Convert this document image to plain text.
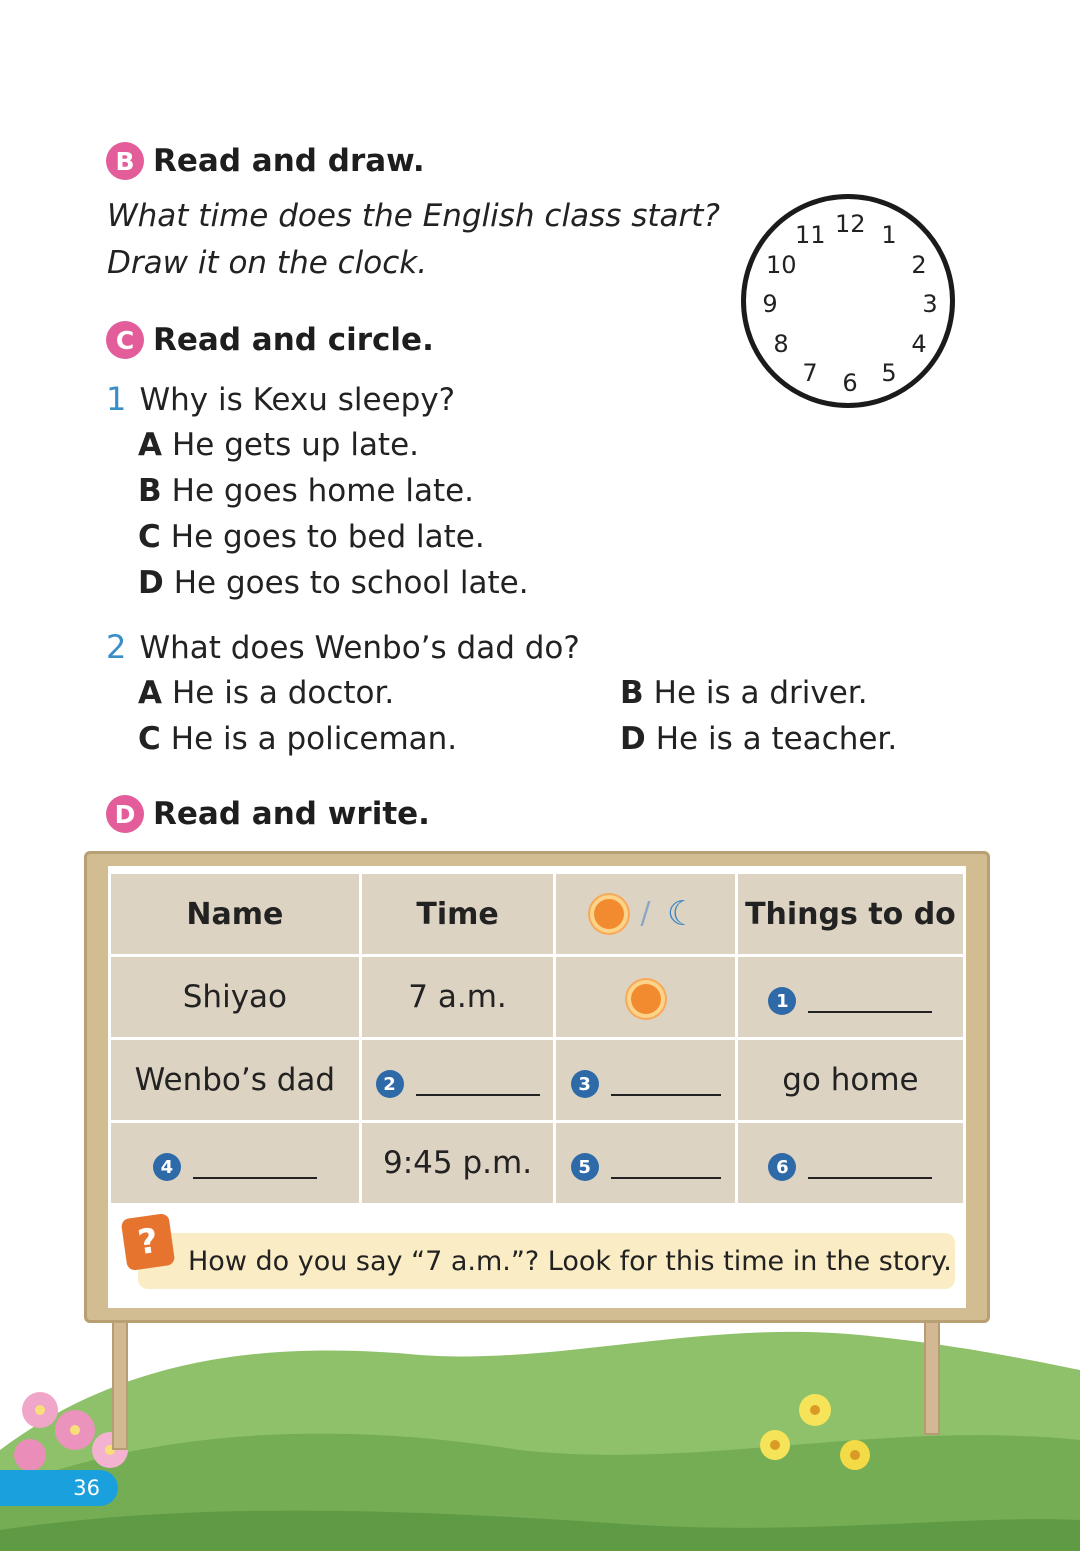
B Read and draw.
What time does the English class start?
Draw it on the clock.
12 1
2
3
4
5
6
7
8
9
10
11
C Read and circle.
1 Why is Kexu sleepy?
A He gets up late.
B He goes home late.
C He goes to bed late.
D He goes to school late.
2 What does Wenbo’s dad do?
A He is a doctor.	B He is a driver.
C He is a policeman.	D He is a teacher.
D Read and write.
Name	Time	/ ☾	Things to do
Shiyao	7 a.m.		1

Wenbo’s dad	2	3	go home

4	9:45 p.m.	5	6
How do you say “7 a.m.”? Look for this time in the story.
?
36
